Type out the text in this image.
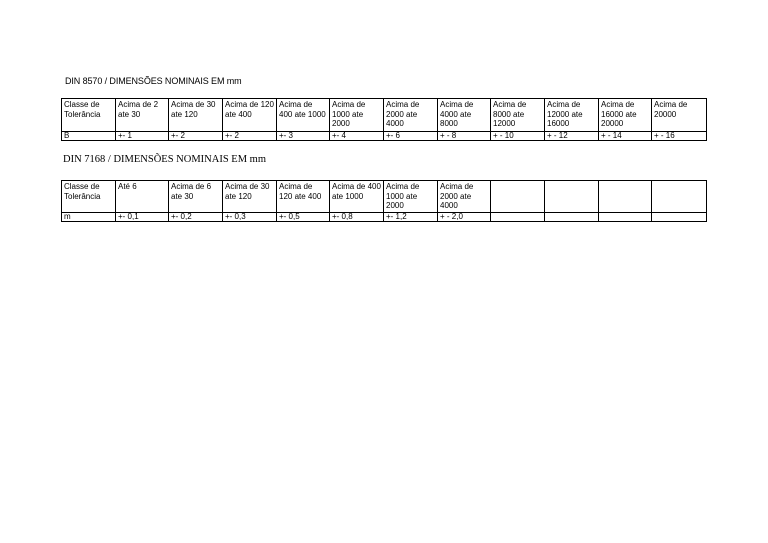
DIN 8570 / DIMENSÕES NOMINAIS EM mm
Classe de Tolerância	Acima de 2 ate 30	Acima de 30 ate 120	Acima de 120 ate 400	Acima de 400 ate 1000	Acima de 1000 ate 2000	Acima de 2000 ate 4000	Acima de 4000 ate 8000	Acima de 8000 ate 12000	Acima de 12000 ate 16000	Acima de 16000 ate 20000	Acima de 20000
B	+- 1	+- 2	+- 2	+- 3	+- 4	+- 6	+ - 8	+ - 10	+ - 12	+ - 14	+ - 16
DIN 7168 / DIMENSÕES NOMINAIS EM mm
Classe de Tolerância	Até 6	Acima de 6 ate 30	Acima de 30 ate 120	Acima de 120 ate 400	Acima de 400 ate 1000	Acima de 1000 ate 2000	Acima de 2000 ate 4000				
m	+- 0,1	+- 0,2	+- 0,3	+- 0,5	+- 0,8	+- 1,2	+ - 2,0				
